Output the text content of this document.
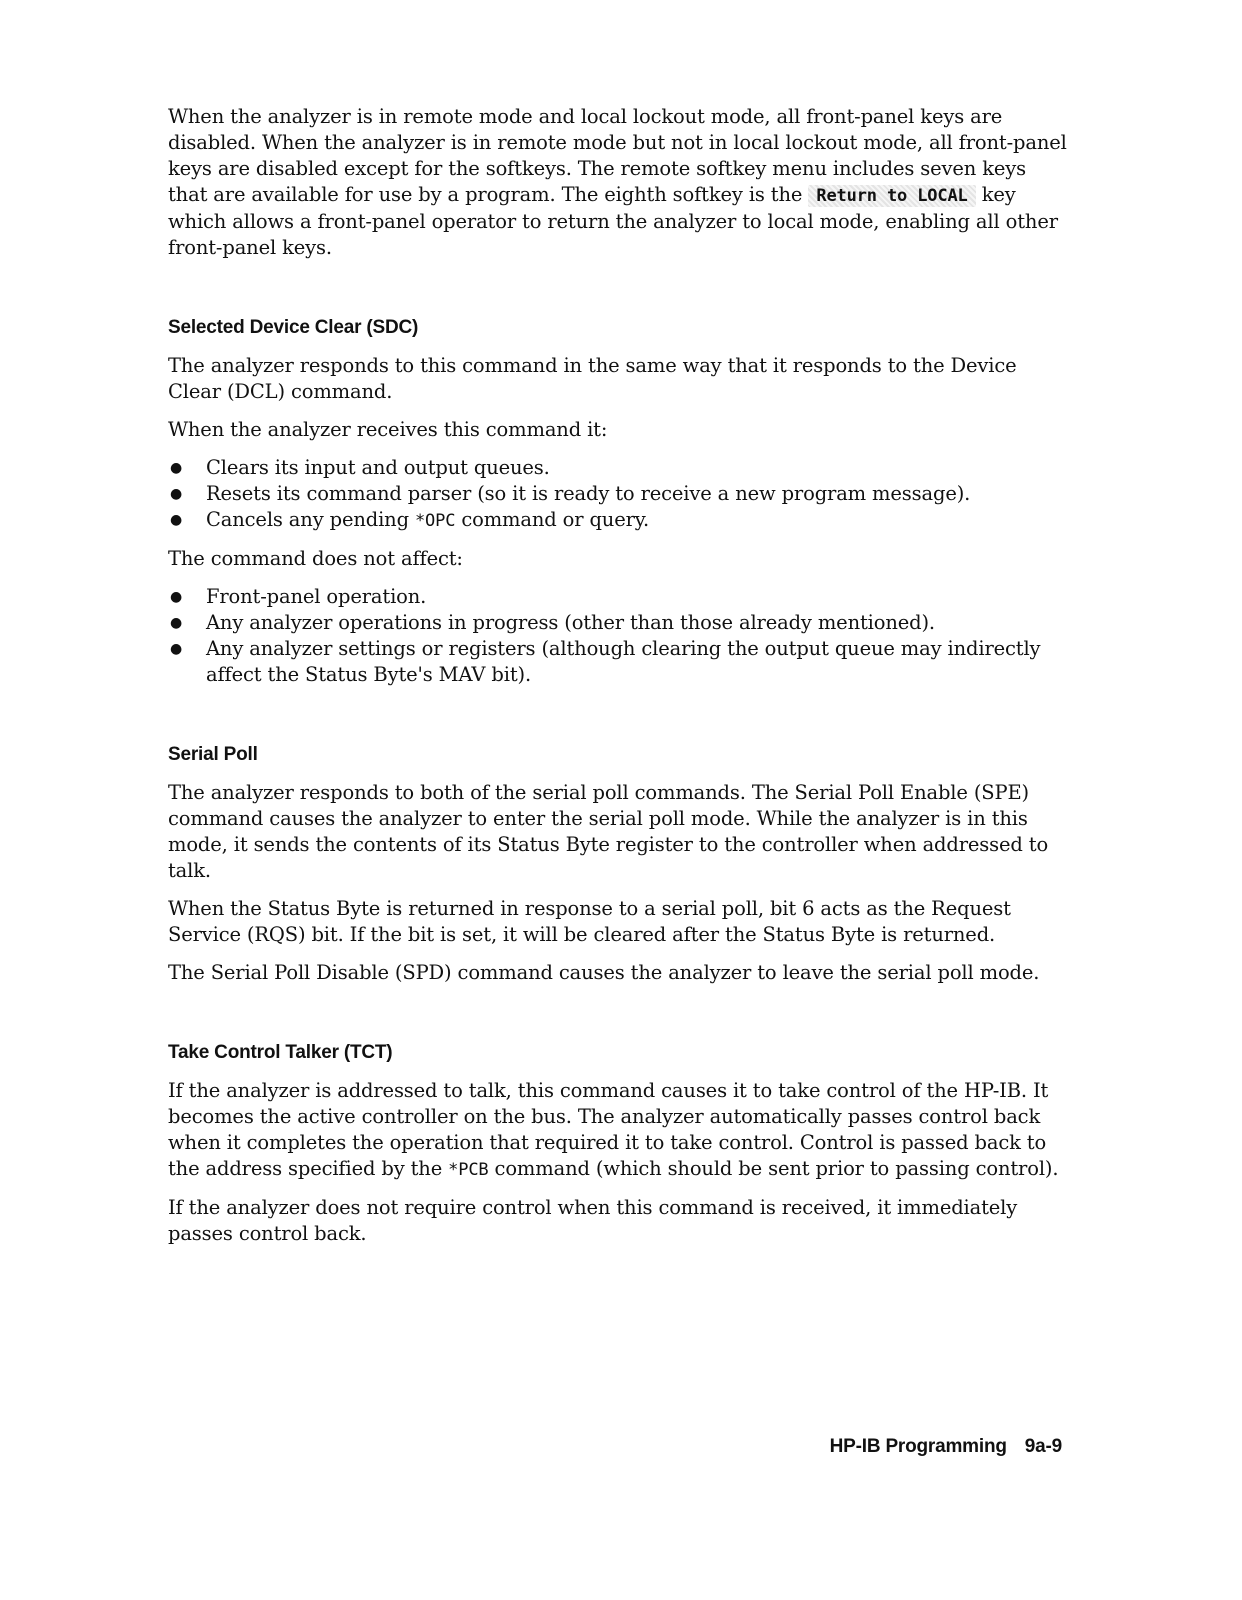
When the analyzer is in remote mode and local lockout mode, all front-panel keys are disabled. When the analyzer is in remote mode but not in local lockout mode, all front-panel keys are disabled except for the softkeys. The remote softkey menu includes seven keys that are available for use by a program. The eighth softkey is the Return to LOCAL key which allows a front-panel operator to return the analyzer to local mode, enabling all other front-panel keys.

Selected Device Clear (SDC)

The analyzer responds to this command in the same way that it responds to the Device Clear (DCL) command.

When the analyzer receives this command it:

● Clears its input and output queues.
● Resets its command parser (so it is ready to receive a new program message).
● Cancels any pending *OPC command or query.

The command does not affect:

● Front-panel operation.
● Any analyzer operations in progress (other than those already mentioned).
● Any analyzer settings or registers (although clearing the output queue may indirectly affect the Status Byte's MAV bit).
Serial Poll

The analyzer responds to both of the serial poll commands. The Serial Poll Enable (SPE) command causes the analyzer to enter the serial poll mode. While the analyzer is in this mode, it sends the contents of its Status Byte register to the controller when addressed to talk.

When the Status Byte is returned in response to a serial poll, bit 6 acts as the Request Service (RQS) bit. If the bit is set, it will be cleared after the Status Byte is returned.

The Serial Poll Disable (SPD) command causes the analyzer to leave the serial poll mode.

Take Control Talker (TCT)

If the analyzer is addressed to talk, this command causes it to take control of the HP-IB. It becomes the active controller on the bus. The analyzer automatically passes control back when it completes the operation that required it to take control. Control is passed back to the address specified by the *PCB command (which should be sent prior to passing control).

If the analyzer does not require control when this command is received, it immediately passes control back.

HP-IB Programming 9a-9
